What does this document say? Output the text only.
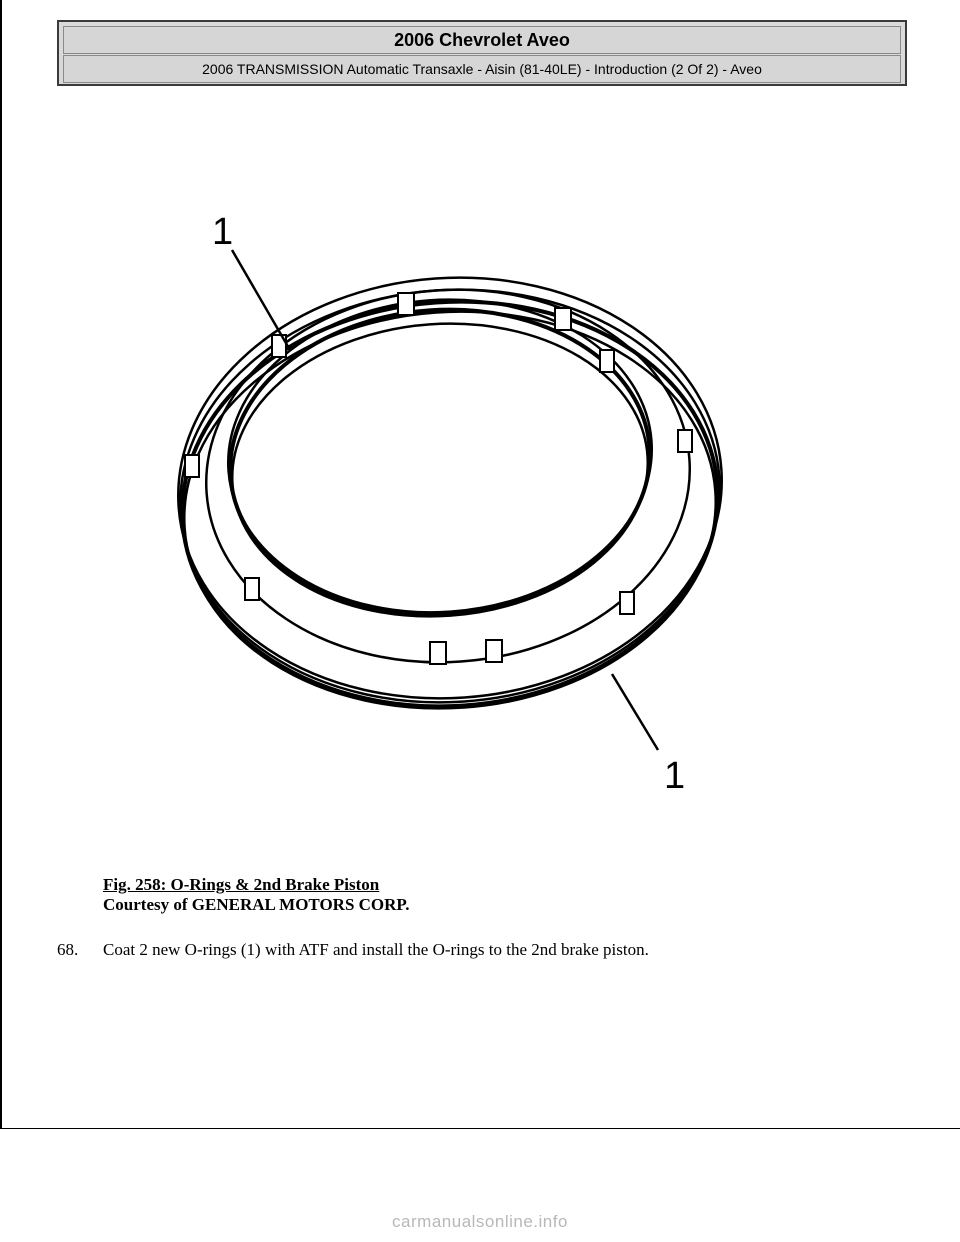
2006 Chevrolet Aveo
2006 TRANSMISSION Automatic Transaxle - Aisin (81-40LE) - Introduction (2 Of 2) - Aveo
1
1
Fig. 258: O-Rings & 2nd Brake Piston
Courtesy of GENERAL MOTORS CORP.
68. Coat 2 new O-rings (1) with ATF and install the O-rings to the 2nd brake piston.
carmanualsonline.info
